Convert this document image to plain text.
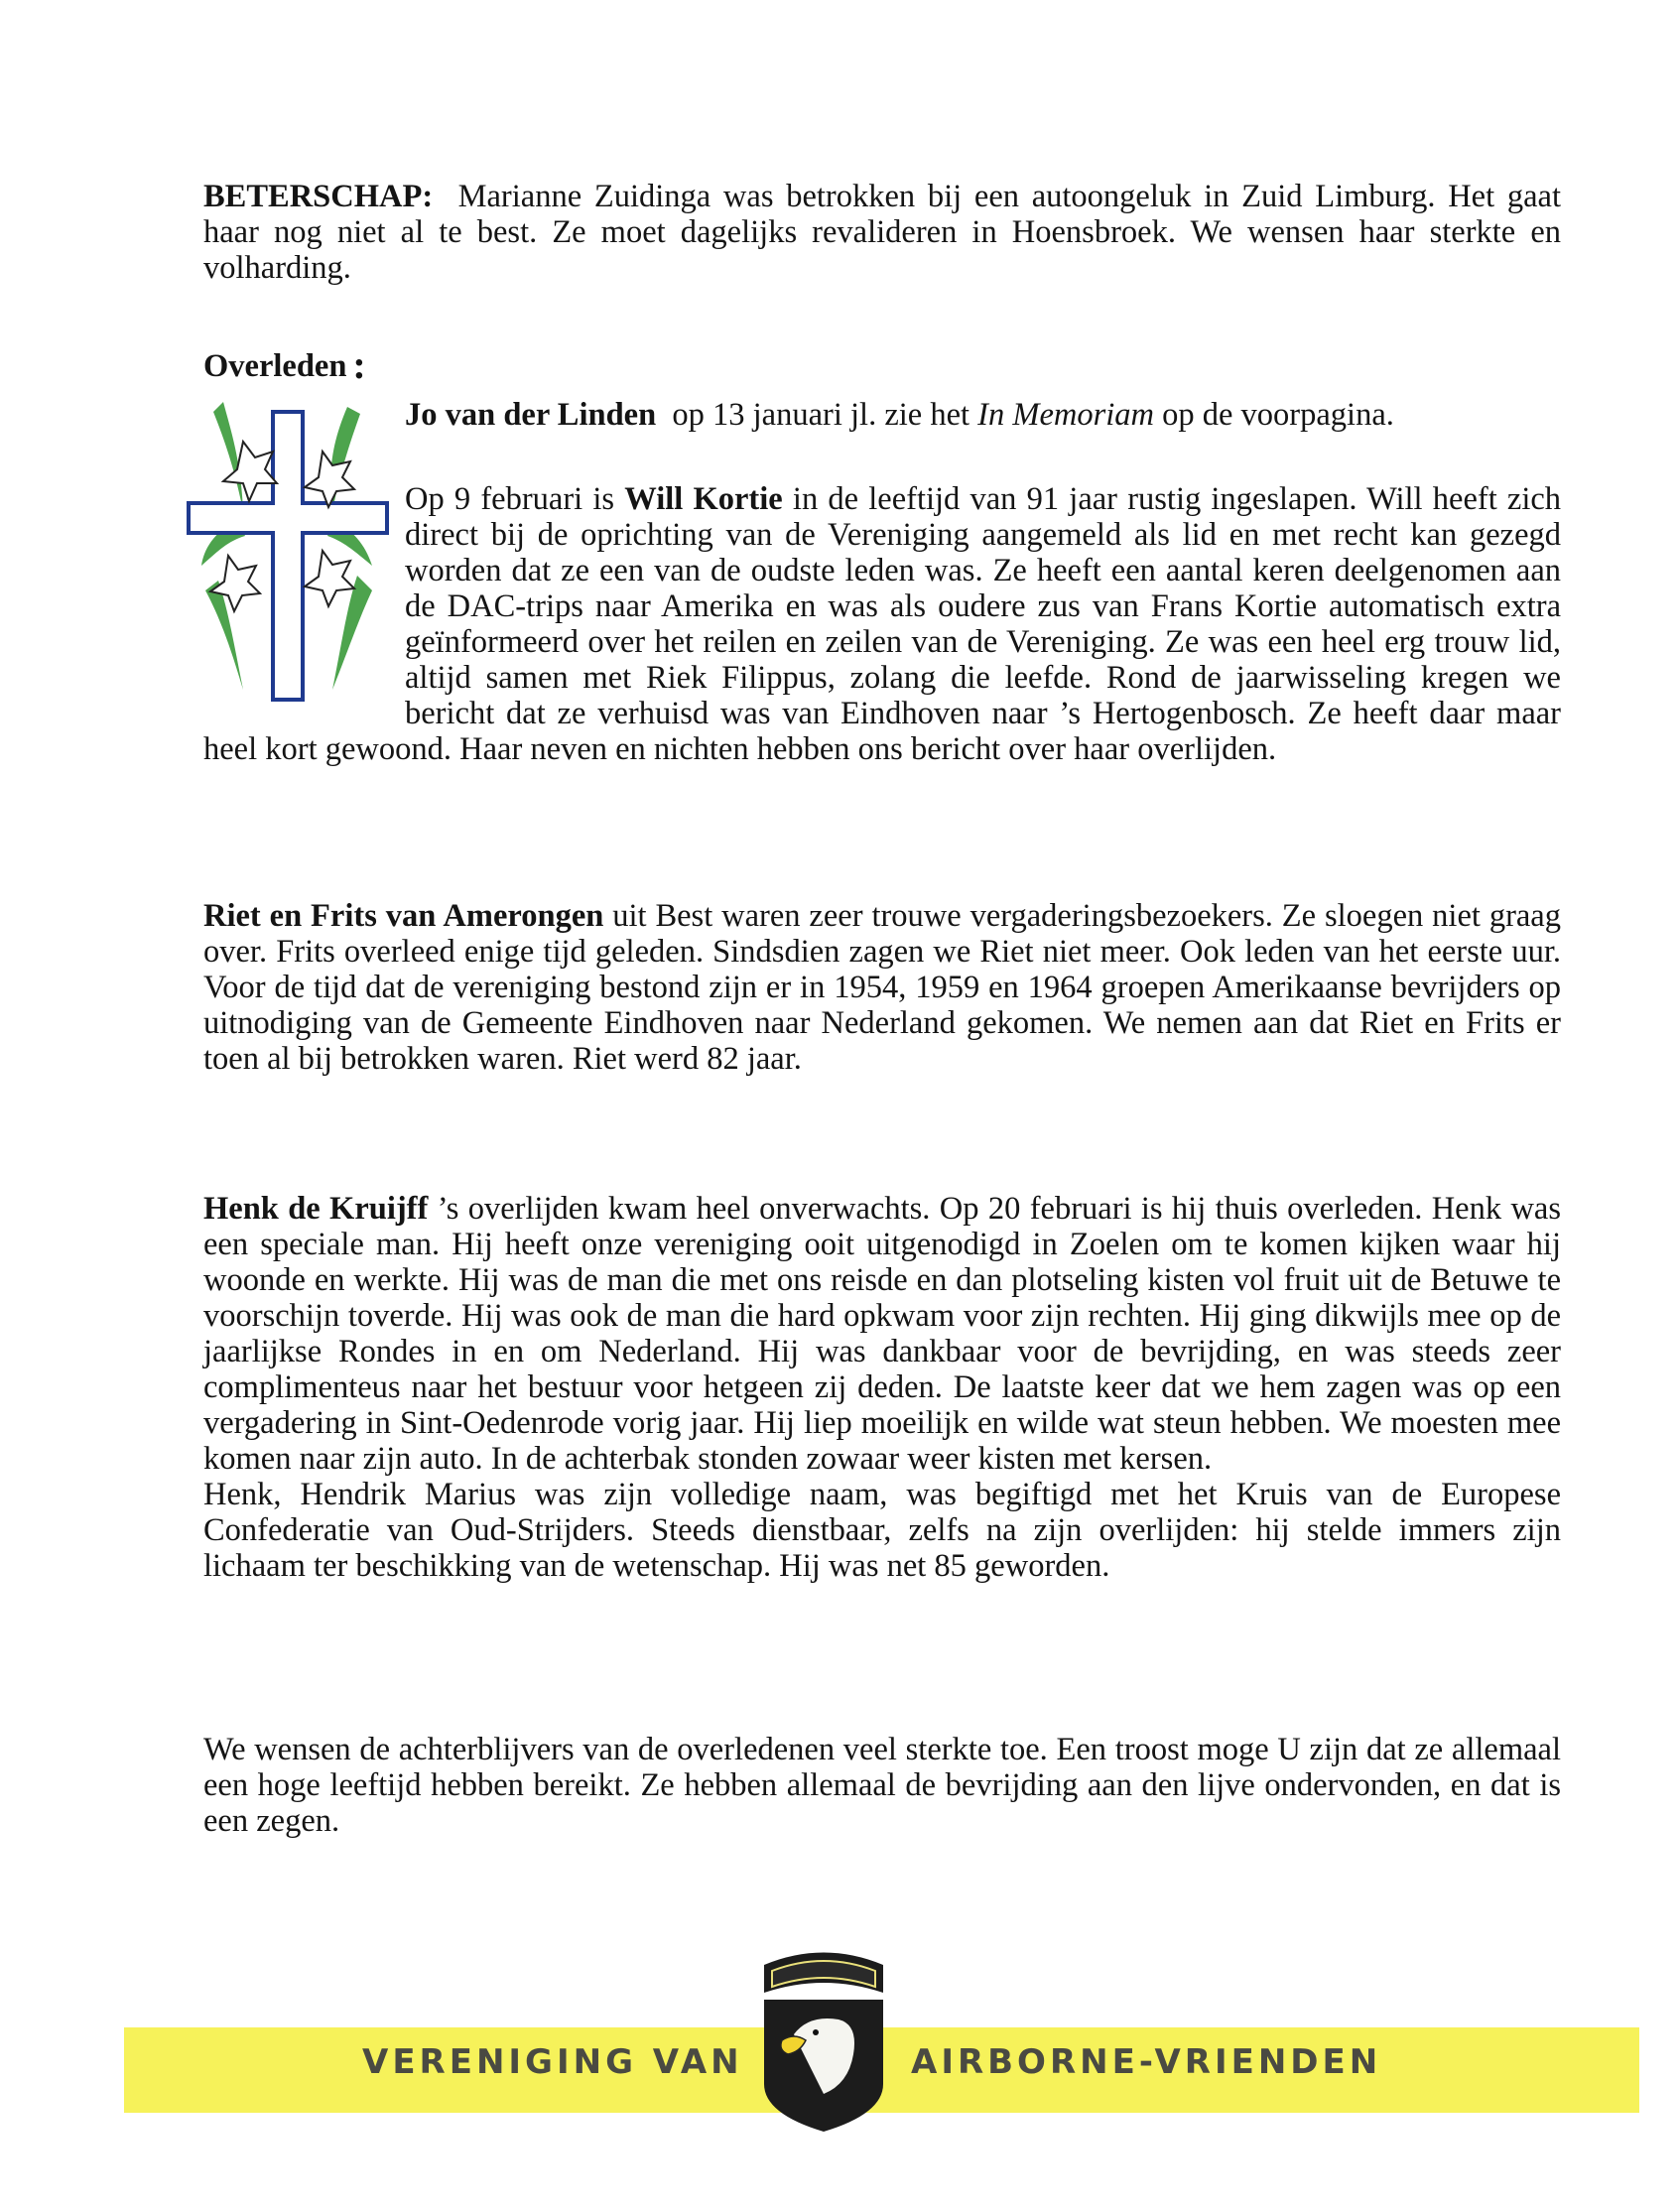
BETERSCHAP: Marianne Zuidinga was betrokken bij een autoongeluk in Zuid Limburg. Het gaat haar nog niet al te best. Ze moet dagelijks revalideren in Hoensbroek. We wensen haar sterkte en volharding.

Overleden :

Jo van der Linden op 13 januari jl. zie het In Memoriam op de voorpagina.

Op 9 februari is Will Kortie in de leeftijd van 91 jaar rustig ingeslapen. Will heeft zich direct bij de oprichting van de Vereniging aangemeld als lid en met recht kan gezegd worden dat ze een van de oudste leden was. Ze heeft een aantal keren deelgenomen aan de DAC-trips naar Amerika en was als oudere zus van Frans Kortie automatisch extra geïnformeerd over het reilen en zeilen van de Vereniging. Ze was een heel erg trouw lid, altijd samen met Riek Filippus, zolang die leefde. Rond de jaarwisseling kregen we bericht dat ze verhuisd was van Eindhoven naar ’s Hertogenbosch. Ze heeft daar maar heel kort gewoond. Haar neven en nichten hebben ons bericht over haar overlijden.

Riet en Frits van Amerongen uit Best waren zeer trouwe vergaderingsbezoekers. Ze sloegen niet graag over. Frits overleed enige tijd geleden. Sindsdien zagen we Riet niet meer. Ook leden van het eerste uur. Voor de tijd dat de vereniging bestond zijn er in 1954, 1959 en 1964 groepen Amerikaanse bevrijders op uitnodiging van de Gemeente Eindhoven naar Nederland gekomen. We nemen aan dat Riet en Frits er toen al bij betrokken waren. Riet werd 82 jaar.

Henk de Kruijff ’s overlijden kwam heel onverwachts. Op 20 februari is hij thuis overleden. Henk was een speciale man. Hij heeft onze vereniging ooit uitgenodigd in Zoelen om te komen kijken waar hij woonde en werkte. Hij was de man die met ons reisde en dan plotseling kisten vol fruit uit de Betuwe te voorschijn toverde. Hij was ook de man die hard opkwam voor zijn rechten. Hij ging dikwijls mee op de jaarlijkse Rondes in en om Nederland. Hij was dankbaar voor de bevrijding, en was steeds zeer complimenteus naar het bestuur voor hetgeen zij deden. De laatste keer dat we hem zagen was op een vergadering in Sint-Oedenrode vorig jaar. Hij liep moeilijk en wilde wat steun hebben. We moesten mee komen naar zijn auto. In de achterbak stonden zowaar weer kisten met kersen.

Henk, Hendrik Marius was zijn volledige naam, was begiftigd met het Kruis van de Europese Confederatie van Oud-Strijders. Steeds dienstbaar, zelfs na zijn overlijden: hij stelde immers zijn lichaam ter beschikking van de wetenschap. Hij was net 85 geworden.

We wensen de achterblijvers van de overledenen veel sterkte toe. Een troost moge U zijn dat ze allemaal een hoge leeftijd hebben bereikt. Ze hebben allemaal de bevrijding aan den lijve ondervonden, en dat is een zegen.

VERENIGING VAN	AIRBORNE-VRIENDEN
